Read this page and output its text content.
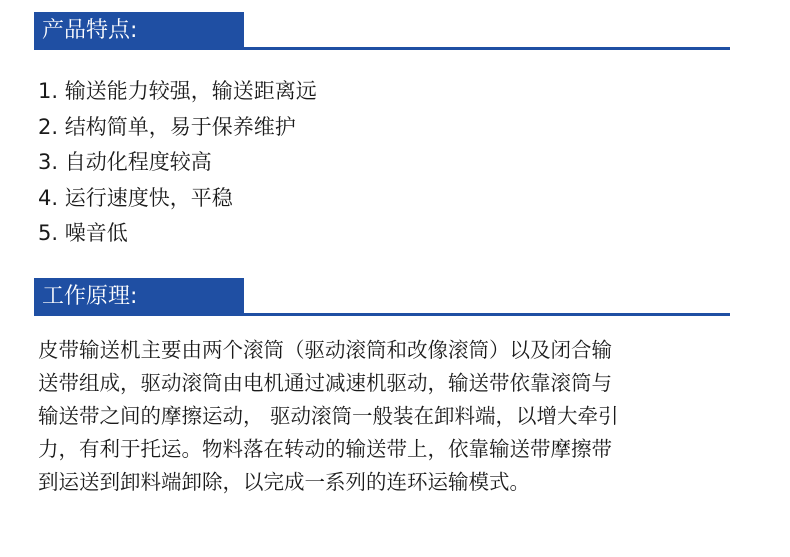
产品特点:
1. 输送能力较强，输送距离远
2. 结构简单，易于保养维护
3. 自动化程度较高
4. 运行速度快，平稳
5. 噪音低
工作原理:
皮带输送机主要由两个滚筒（驱动滚筒和改像滚筒）以及闭合输
送带组成，驱动滚筒由电机通过减速机驱动，输送带依靠滚筒与
输送带之间的摩擦运动， 驱动滚筒一般装在卸料端，以增大牵引
力，有利于托运。物料落在转动的输送带上，依靠输送带摩擦带
到运送到卸料端卸除，以完成一系列的连环运输模式。
